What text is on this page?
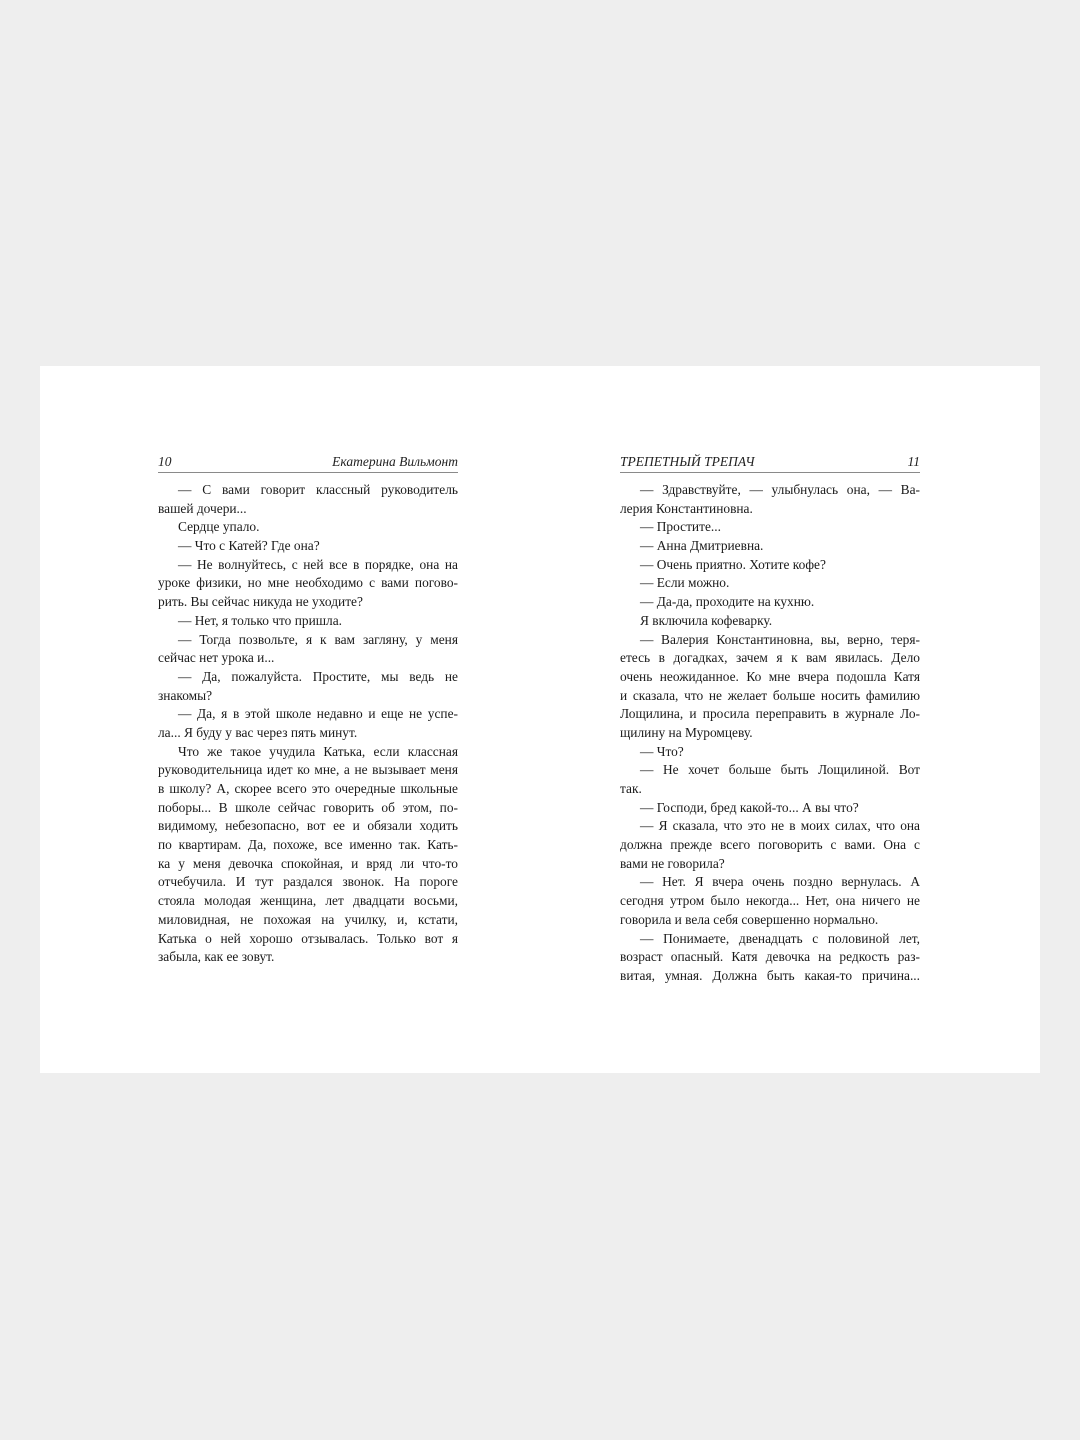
10	Екатерина Вильмонт
— С вами говорит классный руководитель
вашей дочери...
Сердце упало.
— Что с Катей? Где она?
— Не волнуйтесь, с ней все в порядке, она на
уроке физики, но мне необходимо с вами погово-
рить. Вы сейчас никуда не уходите?
— Нет, я только что пришла.
— Тогда позвольте, я к вам загляну, у меня
сейчас нет урока и...
— Да, пожалуйста. Простите, мы ведь не
знакомы?
— Да, я в этой школе недавно и еще не успе-
ла... Я буду у вас через пять минут.
Что же такое учудила Катька, если классная
руководительница идет ко мне, а не вызывает меня
в школу? А, скорее всего это очередные школьные
поборы... В школе сейчас говорить об этом, по-
видимому, небезопасно, вот ее и обязали ходить
по квартирам. Да, похоже, все именно так. Кать-
ка у меня девочка спокойная, и вряд ли что-то
отчебучила. И тут раздался звонок. На пороге
стояла молодая женщина, лет двадцати восьми,
миловидная, не похожая на училку, и, кстати,
Катька о ней хорошо отзывалась. Только вот я
забыла, как ее зовут.
ТРЕПЕТНЫЙ ТРЕПАЧ	11
— Здравствуйте, — улыбнулась она, — Ва-
лерия Константиновна.
— Простите...
— Анна Дмитриевна.
— Очень приятно. Хотите кофе?
— Если можно.
— Да-да, проходите на кухню.
Я включила кофеварку.
— Валерия Константиновна, вы, верно, теря-
етесь в догадках, зачем я к вам явилась. Дело
очень неожиданное. Ко мне вчера подошла Катя
и сказала, что не желает больше носить фамилию
Лощилина, и просила переправить в журнале Ло-
щилину на Муромцеву.
— Что?
— Не хочет больше быть Лощилиной. Вот
так.
— Господи, бред какой-то... А вы что?
— Я сказала, что это не в моих силах, что она
должна прежде всего поговорить с вами. Она с
вами не говорила?
— Нет. Я вчера очень поздно вернулась. А
сегодня утром было некогда... Нет, она ничего не
говорила и вела себя совершенно нормально.
— Понимаете, двенадцать с половиной лет,
возраст опасный. Катя девочка на редкость раз-
витая, умная. Должна быть какая-то причина...
